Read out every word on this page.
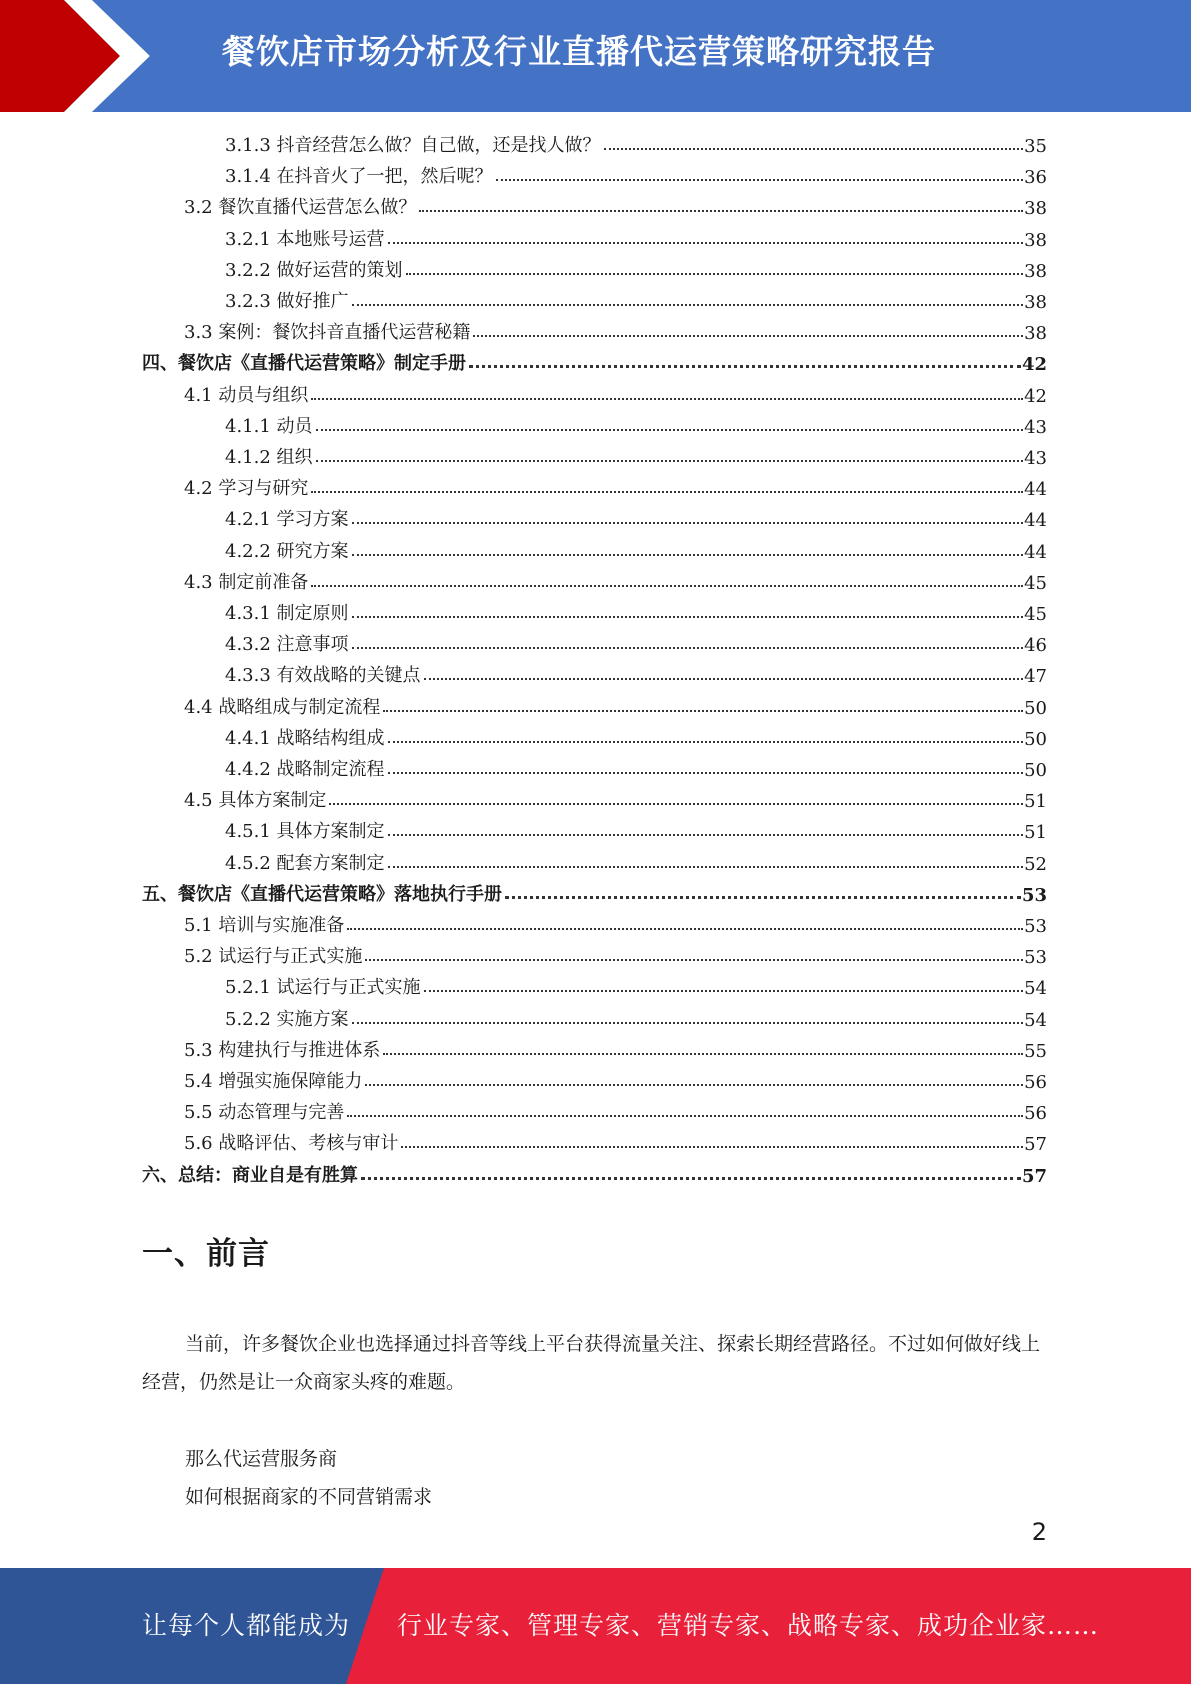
餐饮店市场分析及行业直播代运营策略研究报告
3.1.3 抖音经营怎么做？自己做，还是找人做？	35
3.1.4 在抖音火了一把，然后呢？	36
3.2 餐饮直播代运营怎么做？	38
3.2.1 本地账号运营	38
3.2.2 做好运营的策划	38
3.2.3 做好推广	38
3.3 案例：餐饮抖音直播代运营秘籍	38
四、餐饮店《直播代运营策略》制定手册	42
4.1 动员与组织	42
4.1.1 动员	43
4.1.2 组织	43
4.2 学习与研究	44
4.2.1 学习方案	44
4.2.2 研究方案	44
4.3 制定前准备	45
4.3.1 制定原则	45
4.3.2 注意事项	46
4.3.3 有效战略的关键点	47
4.4 战略组成与制定流程	50
4.4.1 战略结构组成	50
4.4.2 战略制定流程	50
4.5 具体方案制定	51
4.5.1 具体方案制定	51
4.5.2 配套方案制定	52
五、餐饮店《直播代运营策略》落地执行手册	53
5.1 培训与实施准备	53
5.2 试运行与正式实施	53
5.2.1 试运行与正式实施	54
5.2.2 实施方案	54
5.3 构建执行与推进体系	55
5.4 增强实施保障能力	56
5.5 动态管理与完善	56
5.6 战略评估、考核与审计	57
六、总结：商业自是有胜算	57
一、前言

当前，许多餐饮企业也选择通过抖音等线上平台获得流量关注、探索长期经营路径。不过如何做好线上经营，仍然是让一众商家头疼的难题。

那么代运营服务商

如何根据商家的不同营销需求

2
让每个人都能成为 行业专家、管理专家、营销专家、战略专家、成功企业家……
